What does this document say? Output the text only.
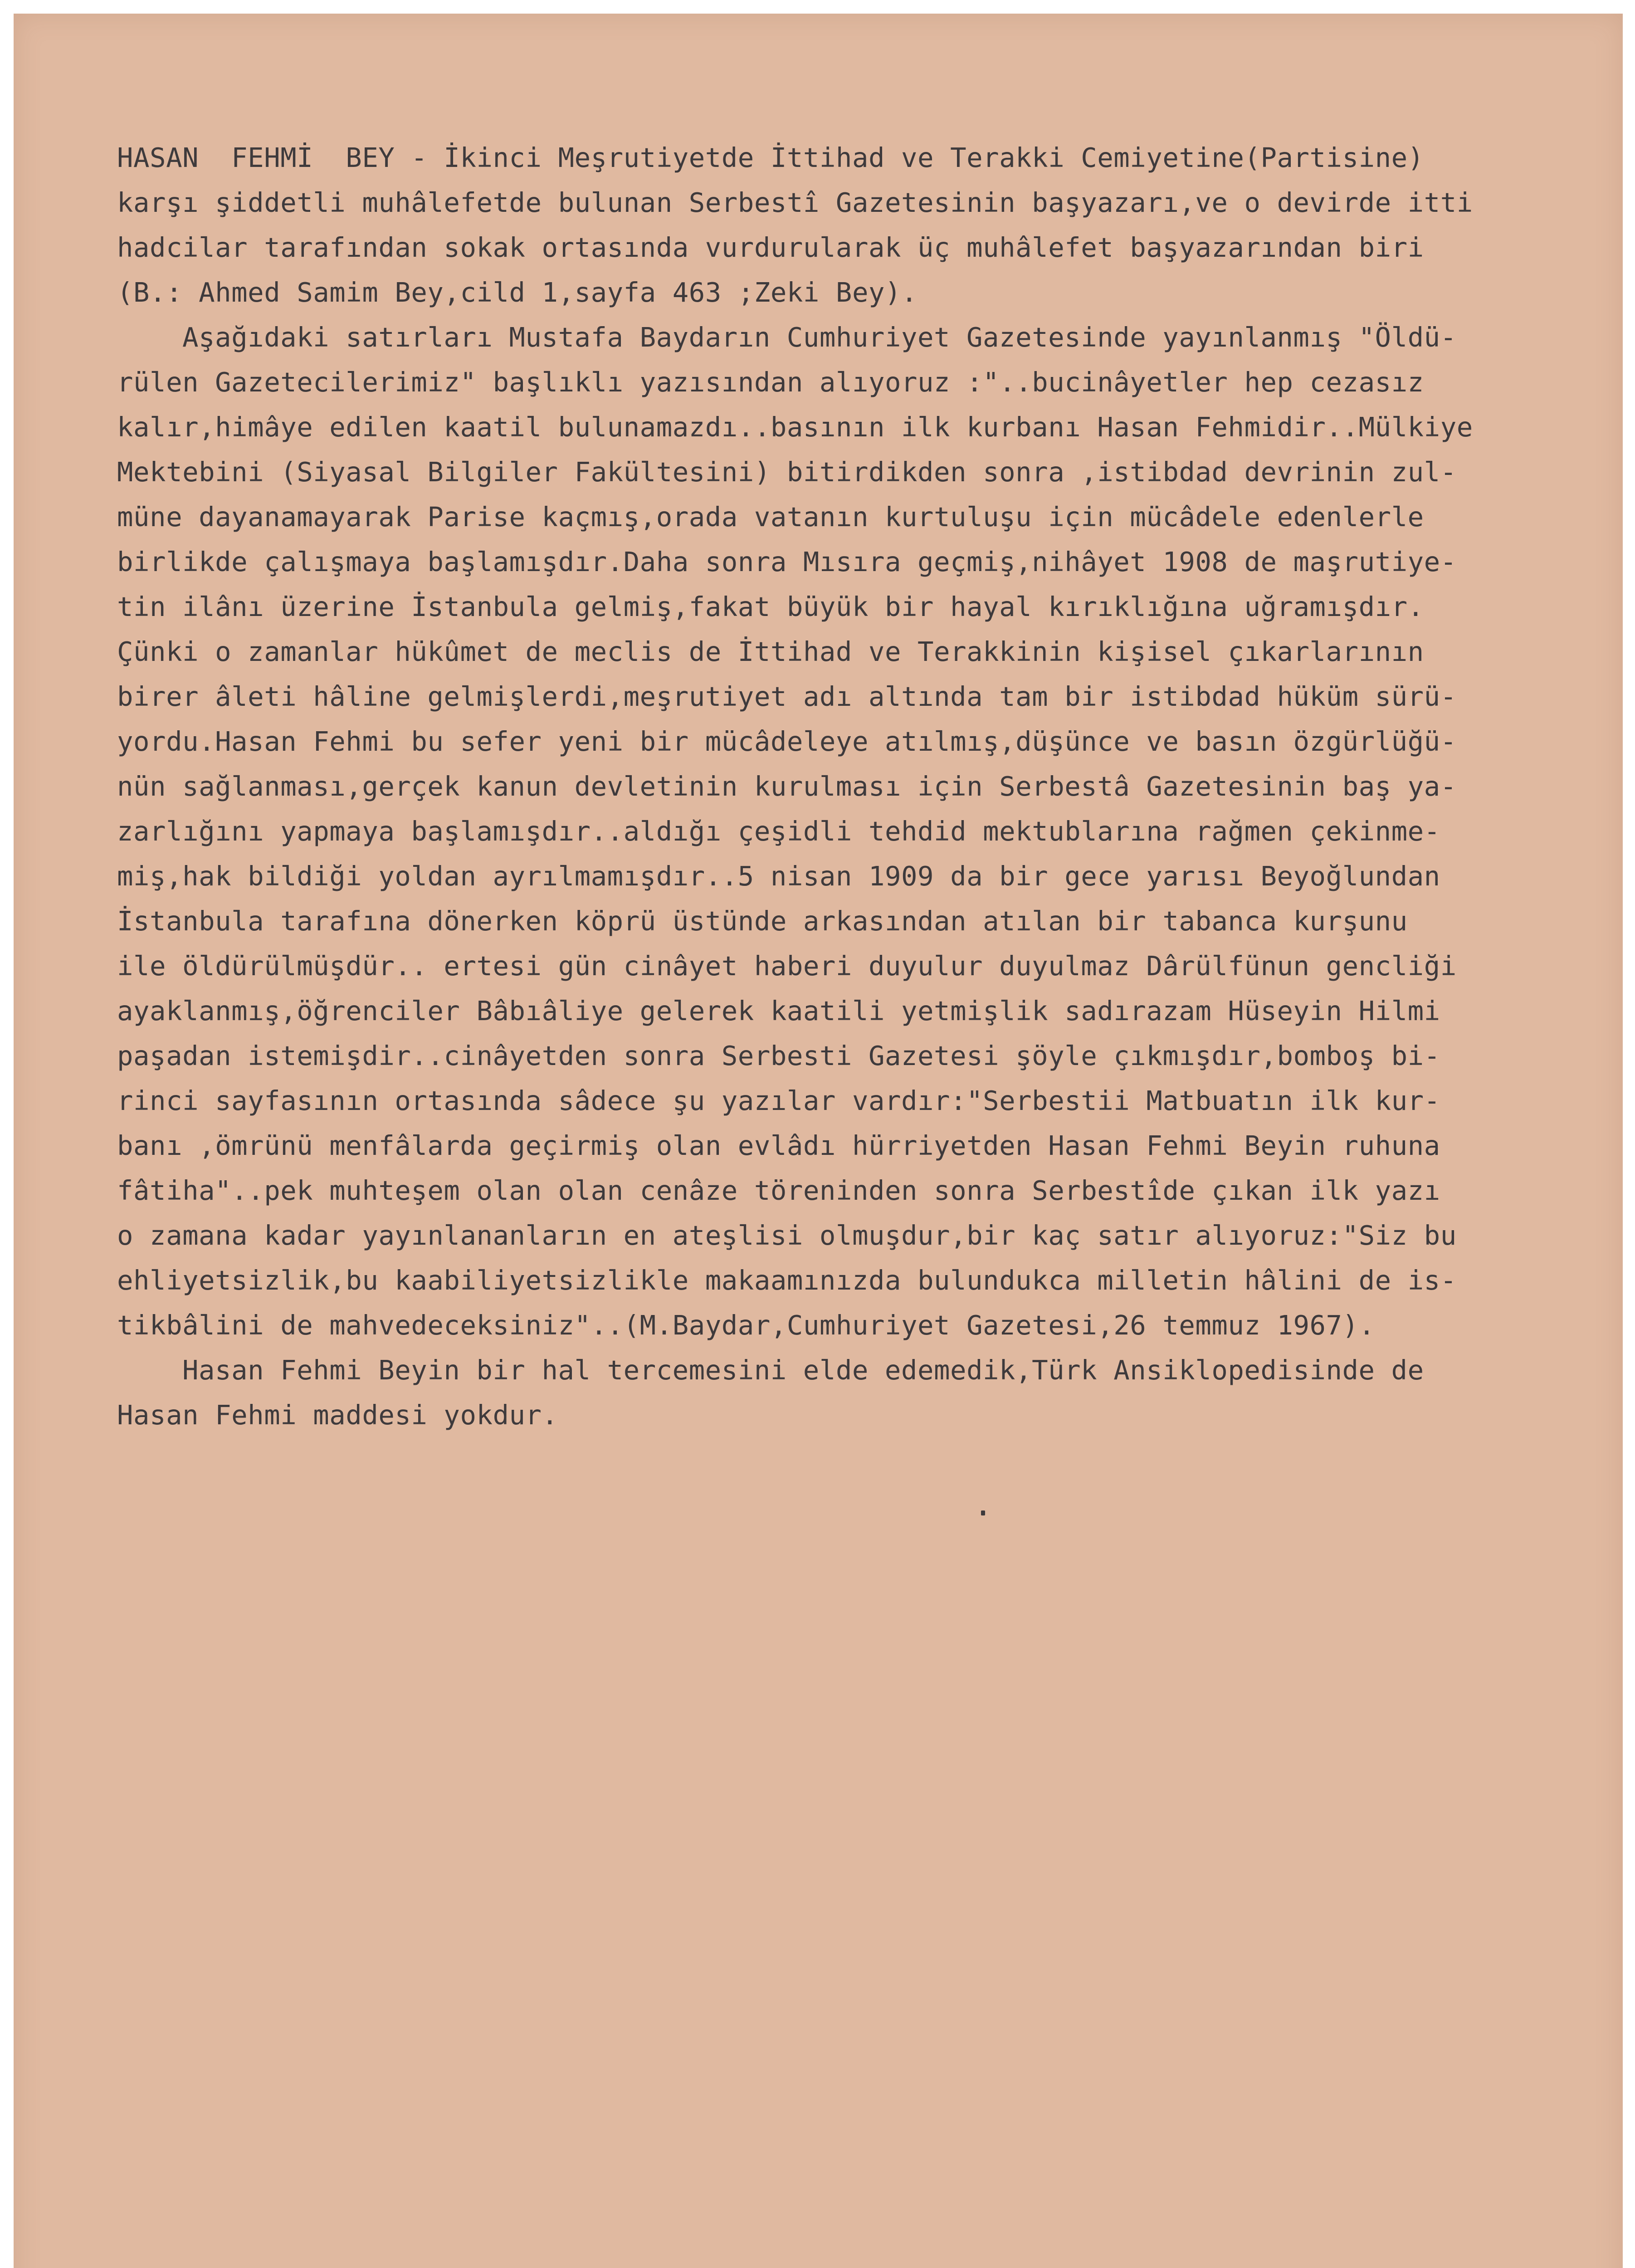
HASAN  FEHMİ  BEY - İkinci Meşrutiyetde İttihad ve Terakki Cemiyetine(Partisine)
karşı şiddetli muhâlefetde bulunan Serbestî Gazetesinin başyazarı,ve o devirde itti
hadcilar tarafından sokak ortasında vurdurularak üç muhâlefet başyazarından biri
(B.: Ahmed Samim Bey,cild 1,sayfa 463 ;Zeki Bey).
Aşağıdaki satırları Mustafa Baydarın Cumhuriyet Gazetesinde yayınlanmış "Öldü-
rülen Gazetecilerimiz" başlıklı yazısından alıyoruz :"..bucinâyetler hep cezasız
kalır,himâye edilen kaatil bulunamazdı..basının ilk kurbanı Hasan Fehmidir..Mülkiye
Mektebini (Siyasal Bilgiler Fakültesini) bitirdikden sonra ,istibdad devrinin zul-
müne dayanamayarak Parise kaçmış,orada vatanın kurtuluşu için mücâdele edenlerle
birlikde çalışmaya başlamışdır.Daha sonra Mısıra geçmiş,nihâyet 1908 de maşrutiye-
tin ilânı üzerine İstanbula gelmiş,fakat büyük bir hayal kırıklığına uğramışdır.
Çünki o zamanlar hükûmet de meclis de İttihad ve Terakkinin kişisel çıkarlarının
birer âleti hâline gelmişlerdi,meşrutiyet adı altında tam bir istibdad hüküm sürü-
yordu.Hasan Fehmi bu sefer yeni bir mücâdeleye atılmış,düşünce ve basın özgürlüğü-
nün sağlanması,gerçek kanun devletinin kurulması için Serbestâ Gazetesinin baş ya-
zarlığını yapmaya başlamışdır..aldığı çeşidli tehdid mektublarına rağmen çekinme-
miş,hak bildiği yoldan ayrılmamışdır..5 nisan 1909 da bir gece yarısı Beyoğlundan
İstanbula tarafına dönerken köprü üstünde arkasından atılan bir tabanca kurşunu
ile öldürülmüşdür.. ertesi gün cinâyet haberi duyulur duyulmaz Dârülfünun gencliği
ayaklanmış,öğrenciler Bâbıâliye gelerek kaatili yetmişlik sadırazam Hüseyin Hilmi
paşadan istemişdir..cinâyetden sonra Serbesti Gazetesi şöyle çıkmışdır,bomboş bi-
rinci sayfasının ortasında sâdece şu yazılar vardır:"Serbestii Matbuatın ilk kur-
banı ,ömrünü menfâlarda geçirmiş olan evlâdı hürriyetden Hasan Fehmi Beyin ruhuna
fâtiha"..pek muhteşem olan olan cenâze töreninden sonra Serbestîde çıkan ilk yazı
o zamana kadar yayınlananların en ateşlisi olmuşdur,bir kaç satır alıyoruz:"Siz bu
ehliyetsizlik,bu kaabiliyetsizlikle makaamınızda bulundukca milletin hâlini de is-
tikbâlini de mahvedeceksiniz"..(M.Baydar,Cumhuriyet Gazetesi,26 temmuz 1967).
Hasan Fehmi Beyin bir hal tercemesini elde edemedik,Türk Ansiklopedisinde de
Hasan Fehmi maddesi yokdur.
